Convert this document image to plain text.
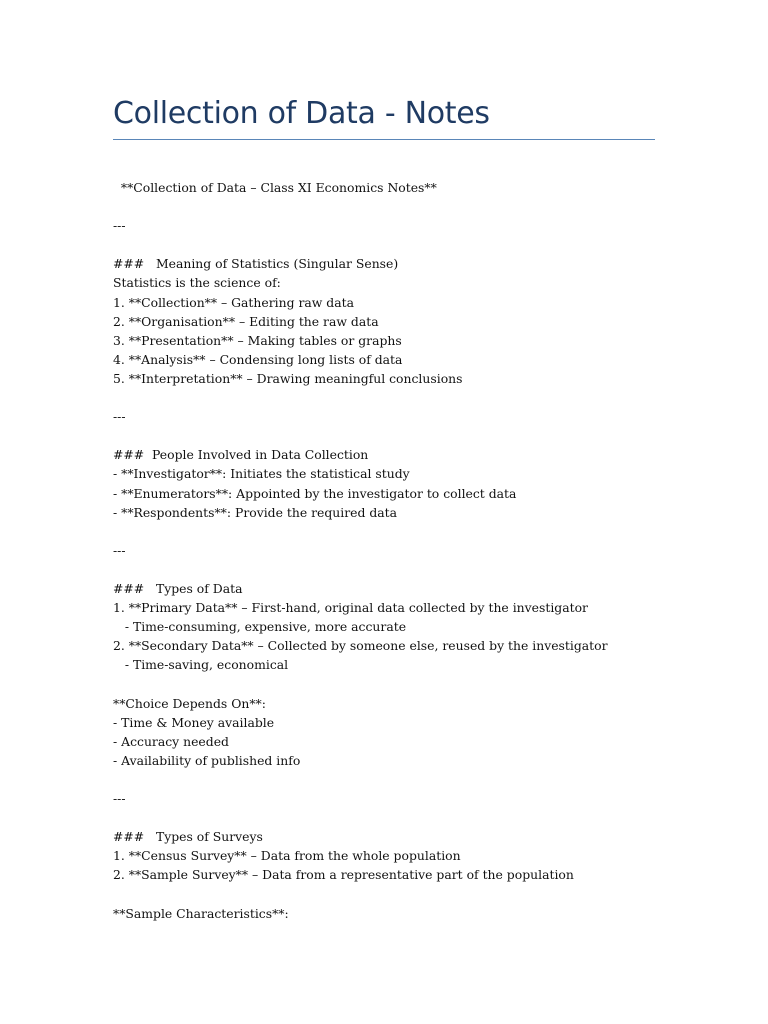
Collection of Data - Notes
**Collection of Data – Class XI Economics Notes**
---
###   Meaning of Statistics (Singular Sense)
Statistics is the science of:
1. **Collection** – Gathering raw data
2. **Organisation** – Editing the raw data
3. **Presentation** – Making tables or graphs
4. **Analysis** – Condensing long lists of data
5. **Interpretation** – Drawing meaningful conclusions
---
###  People Involved in Data Collection
- **Investigator**: Initiates the statistical study
- **Enumerators**: Appointed by the investigator to collect data
- **Respondents**: Provide the required data
---
###   Types of Data
1. **Primary Data** – First-hand, original data collected by the investigator
- Time-consuming, expensive, more accurate
2. **Secondary Data** – Collected by someone else, reused by the investigator
- Time-saving, economical
**Choice Depends On**:
- Time & Money available
- Accuracy needed
- Availability of published info
---
###   Types of Surveys
1. **Census Survey** – Data from the whole population
2. **Sample Survey** – Data from a representative part of the population
**Sample Characteristics**:
